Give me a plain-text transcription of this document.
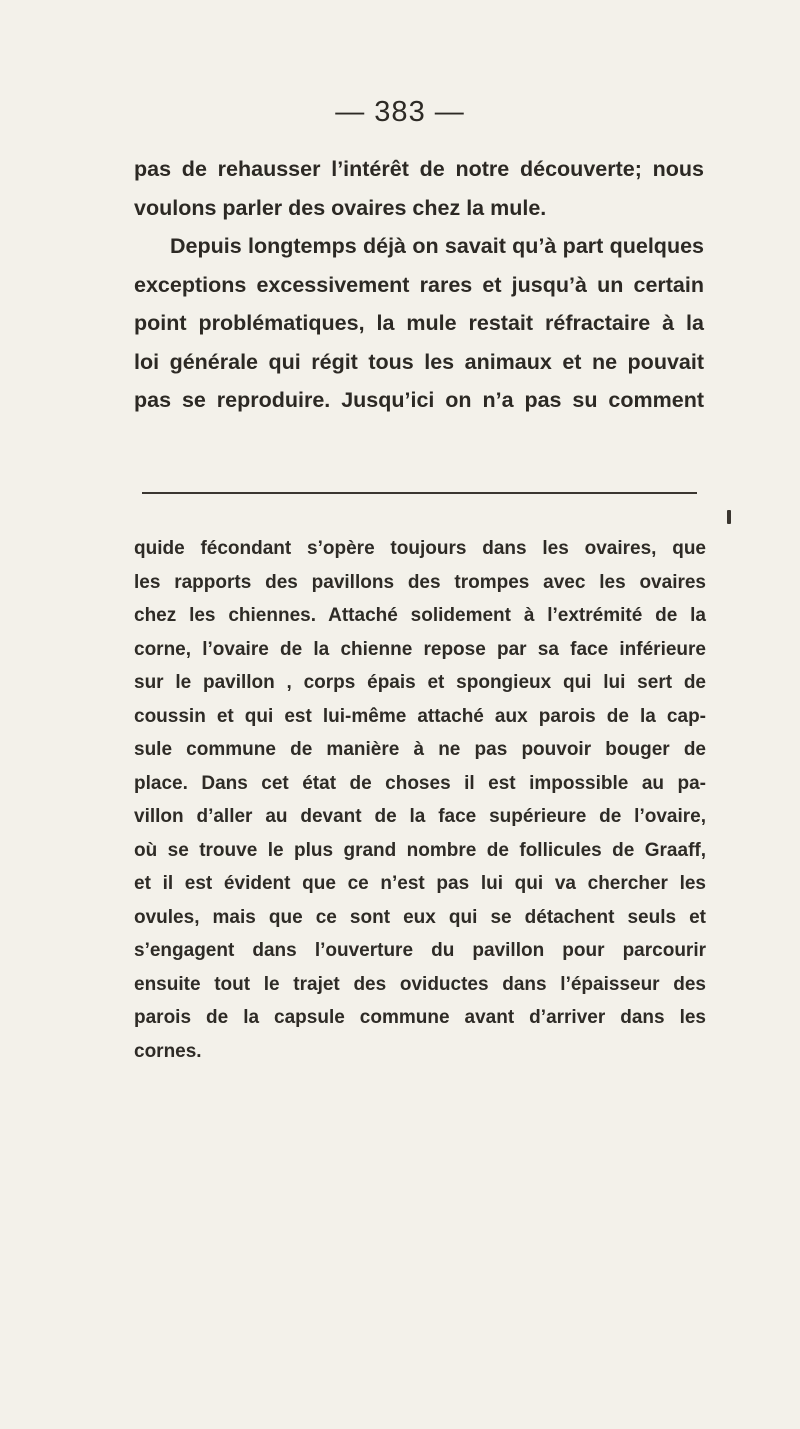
— 383 —
pas de rehausser l’intérêt de notre découverte; nous
voulons parler des ovaires chez la mule.
Depuis longtemps déjà on savait qu’à part quelques
exceptions excessivement rares et jusqu’à un certain
point problématiques, la mule restait réfractaire à la
loi générale qui régit tous les animaux et ne pouvait
pas se reproduire. Jusqu’ici on n’a pas su comment
quide fécondant s’opère toujours dans les ovaires, que
les rapports des pavillons des trompes avec les ovaires
chez les chiennes. Attaché solidement à l’extrémité de la
corne, l’ovaire de la chienne repose par sa face inférieure
sur le pavillon , corps épais et spongieux qui lui sert de
coussin et qui est lui-même attaché aux parois de la cap-
sule commune de manière à ne pas pouvoir bouger de
place. Dans cet état de choses il est impossible au pa-
villon d’aller au devant de la face supérieure de l’ovaire,
où se trouve le plus grand nombre de follicules de Graaff,
et il est évident que ce n’est pas lui qui va chercher les
ovules, mais que ce sont eux qui se détachent seuls et
s’engagent dans l’ouverture du pavillon pour parcourir
ensuite tout le trajet des oviductes dans l’épaisseur des
parois de la capsule commune avant d’arriver dans les
cornes.
